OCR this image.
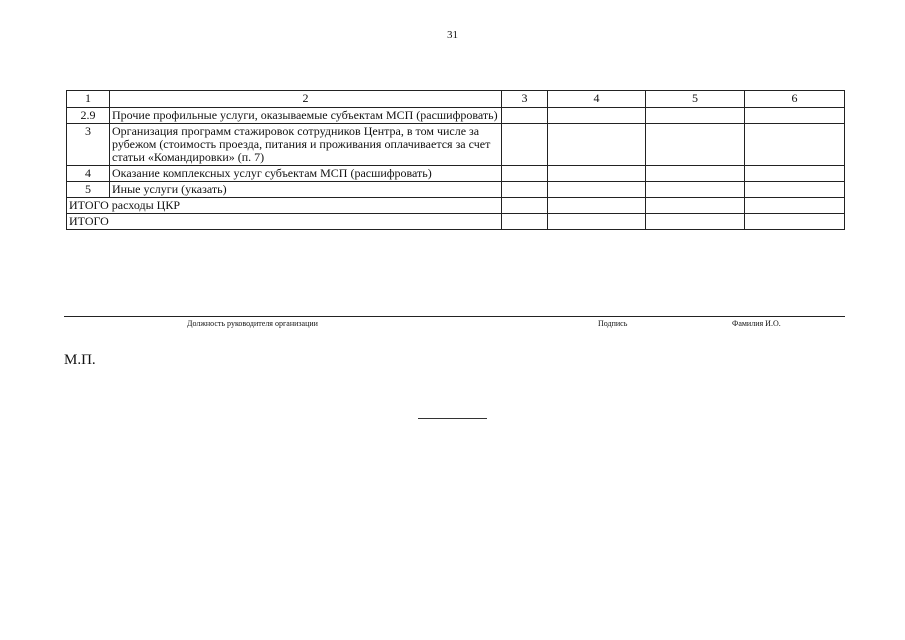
31
1	2	3	4	5	6
2.9	Прочие профильные услуги, оказываемые субъектам МСП (расшифровать)				
3	Организация программ стажировок сотрудников Центра, в том числе за рубежом (стоимость проезда, питания и проживания оплачивается за счет статьи «Командировки» (п. 7)				
4	Оказание комплексных услуг субъектам МСП (расшифровать)				
5	Иные услуги (указать)				
ИТОГО расходы ЦКР					
ИТОГО					
Должность руководителя организации	Подпись	Фамилия И.О.
М.П.
